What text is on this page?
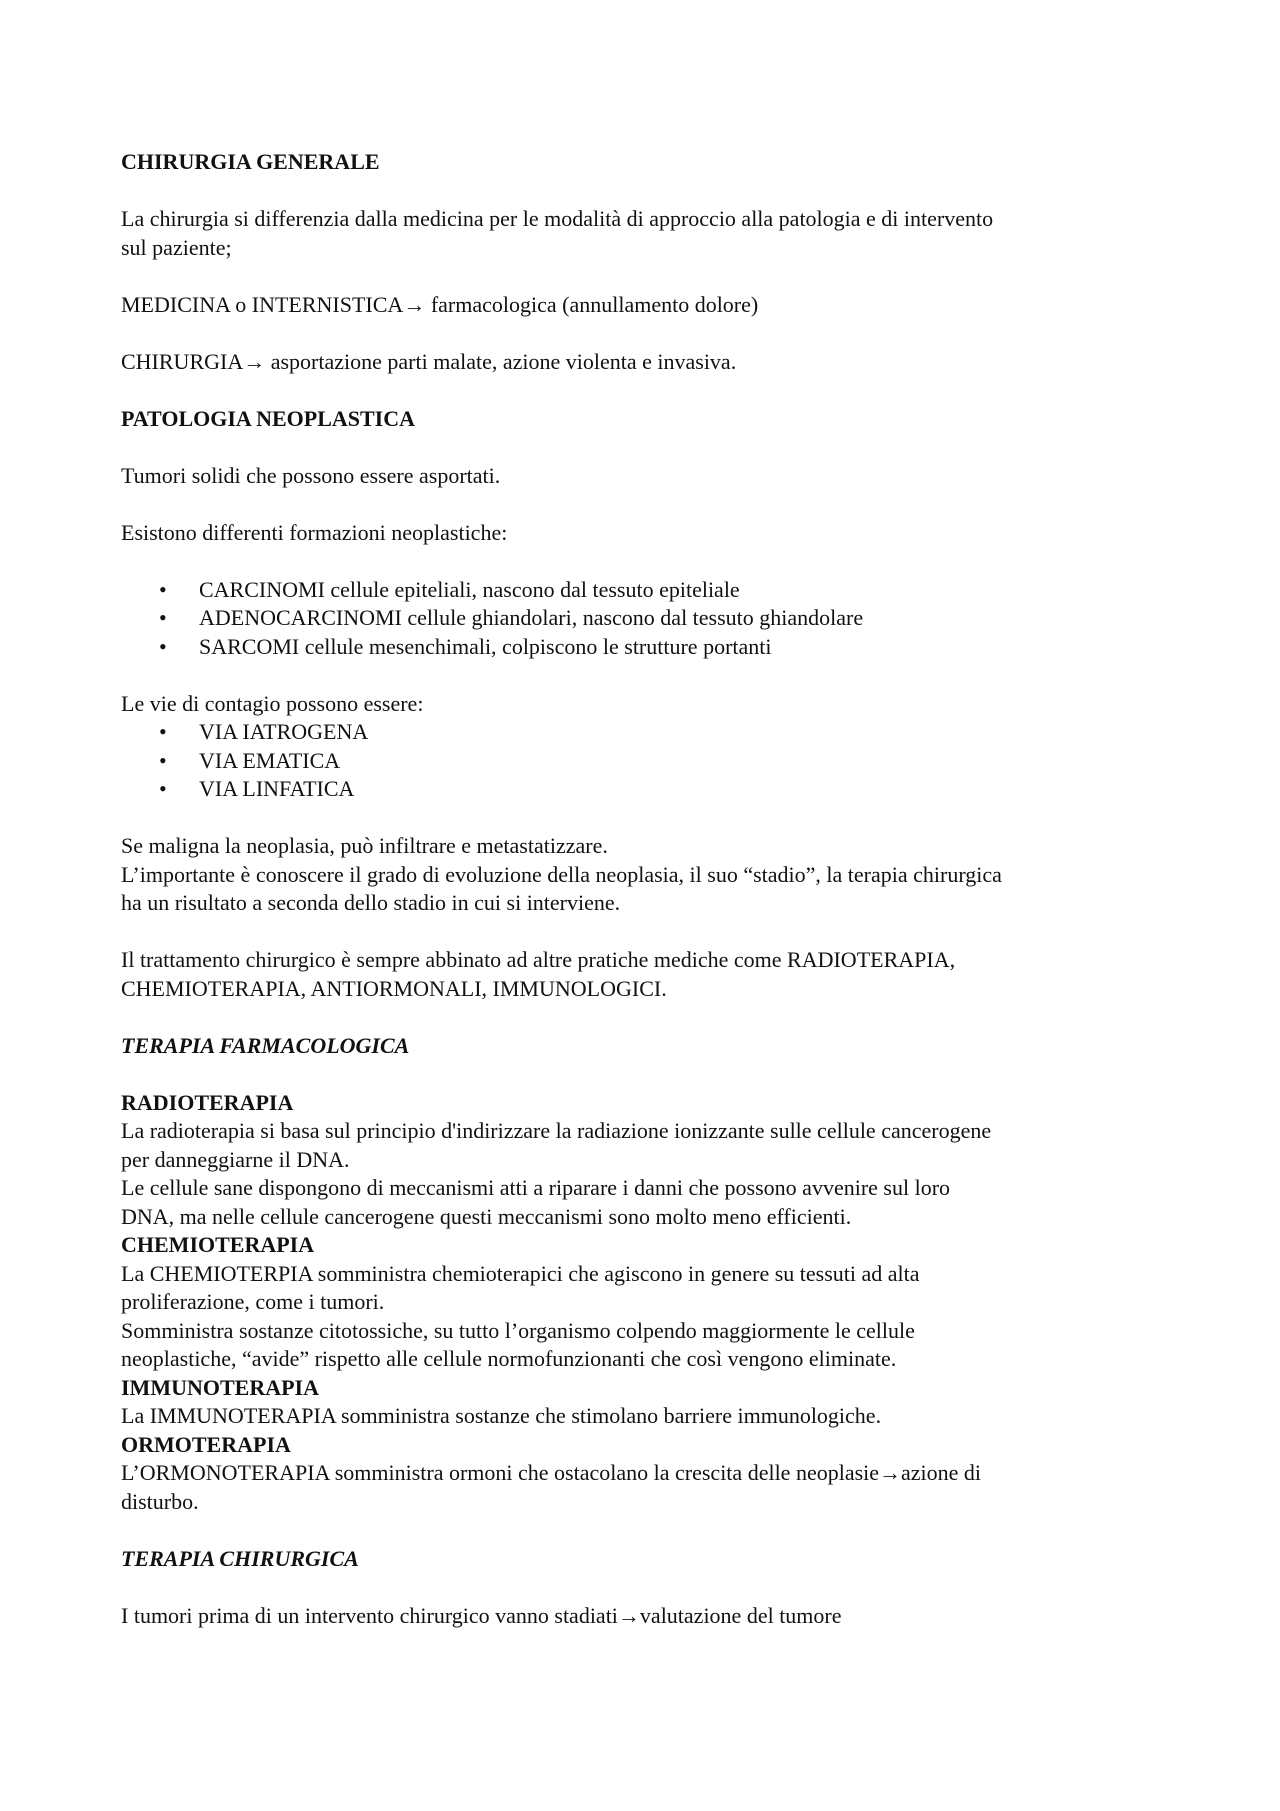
CHIRURGIA GENERALE
La chirurgia si differenzia dalla medicina per le modalità di approccio alla patologia e di intervento
sul paziente;
MEDICINA o INTERNISTICA→ farmacologica (annullamento dolore)
CHIRURGIA→ asportazione parti malate, azione violenta e invasiva.
PATOLOGIA NEOPLASTICA
Tumori solidi che possono essere asportati.
Esistono differenti formazioni neoplastiche:
• CARCINOMI cellule epiteliali, nascono dal tessuto epiteliale
• ADENOCARCINOMI cellule ghiandolari, nascono dal tessuto ghiandolare
• SARCOMI cellule mesenchimali, colpiscono le strutture portanti
Le vie di contagio possono essere:
• VIA IATROGENA
• VIA EMATICA
• VIA LINFATICA
Se maligna la neoplasia, può infiltrare e metastatizzare.
L’importante è conoscere il grado di evoluzione della neoplasia, il suo “stadio”, la terapia chirurgica
ha un risultato a seconda dello stadio in cui si interviene.
Il trattamento chirurgico è sempre abbinato ad altre pratiche mediche come RADIOTERAPIA,
CHEMIOTERAPIA, ANTIORMONALI, IMMUNOLOGICI.
TERAPIA FARMACOLOGICA
RADIOTERAPIA
La radioterapia si basa sul principio d'indirizzare la radiazione ionizzante sulle cellule cancerogene
per danneggiarne il DNA.
Le cellule sane dispongono di meccanismi atti a riparare i danni che possono avvenire sul loro
DNA, ma nelle cellule cancerogene questi meccanismi sono molto meno efficienti.
CHEMIOTERAPIA
La CHEMIOTERPIA somministra chemioterapici che agiscono in genere su tessuti ad alta
proliferazione, come i tumori.
Somministra sostanze citotossiche, su tutto l’organismo colpendo maggiormente le cellule
neoplastiche, “avide” rispetto alle cellule normofunzionanti che così vengono eliminate.
IMMUNOTERAPIA
La IMMUNOTERAPIA somministra sostanze che stimolano barriere immunologiche.
ORMOTERAPIA
L’ORMONOTERAPIA somministra ormoni che ostacolano la crescita delle neoplasie→azione di
disturbo.
TERAPIA CHIRURGICA
I tumori prima di un intervento chirurgico vanno stadiati→valutazione del tumore
